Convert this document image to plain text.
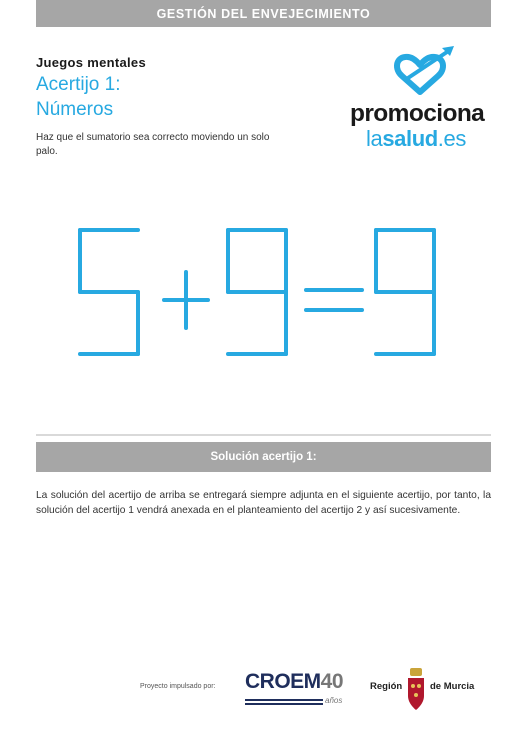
GESTIÓN DEL ENVEJECIMIENTO
Juegos mentales
Acertijo 1:
Números
Haz que el sumatorio sea correcto moviendo un solo palo.
promociona
lasalud.es
Solución acertijo 1:
La solución del acertijo de arriba se entregará siempre adjunta en el siguiente acertijo, por tanto, la solución del acertijo 1 vendrá anexada en el planteamiento del acertijo 2 y así sucesivamente.
Proyecto impulsado por: CROEM40
años
Región	de Murcia
